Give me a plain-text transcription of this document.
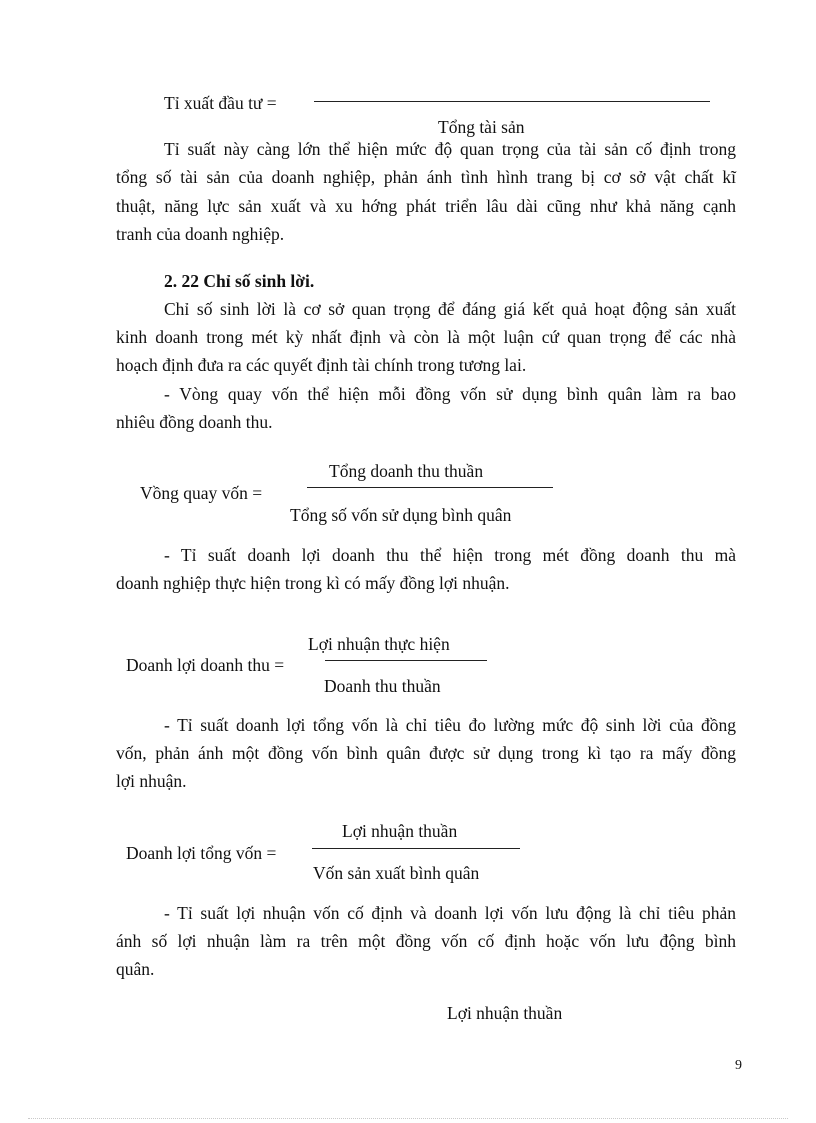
Tỉ xuất đầu tư =
Tổng tài sản
Tỉ suất này càng lớn thể hiện mức độ quan trọng của tài sản cố định trong
tổng số tài sản của doanh nghiệp, phản ánh tình hình trang bị cơ sở vật chất kĩ
thuật, năng lực sản xuất và xu hớng phát triển lâu dài cũng như khả năng cạnh
tranh của doanh nghiệp.
2. 22 Chỉ số sinh lời.
Chỉ số sinh lời là cơ sở quan trọng để đáng giá kết quả hoạt động sản xuất
kinh doanh trong mét kỳ nhất định và còn là một luận cứ quan trọng để các nhà
hoạch định đưa ra các quyết định tài chính trong tương lai.
- Vòng quay vốn thể hiện mỗi đồng vốn sử dụng bình quân làm ra bao
nhiêu đồng doanh thu.
Tổng doanh thu thuần
Vồng quay vốn =
Tổng số vốn sử dụng bình quân
- Tỉ suất doanh lợi doanh thu thể hiện trong mét đồng doanh thu mà
doanh nghiệp thực hiện trong kì có mấy đồng lợi nhuận.
Lợi nhuận thực hiện
Doanh lợi doanh thu =
Doanh thu thuần
- Tỉ suất doanh lợi tổng vốn là chỉ tiêu đo lường mức độ sinh lời của đồng
vốn, phản ánh một đồng vốn bình quân được sử dụng trong kì tạo ra mấy đồng
lợi nhuận.
Lợi nhuận thuần
Doanh lợi tổng vốn =
Vốn sản xuất bình quân
- Tỉ suất lợi nhuận vốn cố định và doanh lợi vốn lưu động là chỉ tiêu phản
ánh số lợi nhuận làm ra trên một đồng vốn cố định hoặc vốn lưu động bình
quân.
Lợi nhuận thuần
9
